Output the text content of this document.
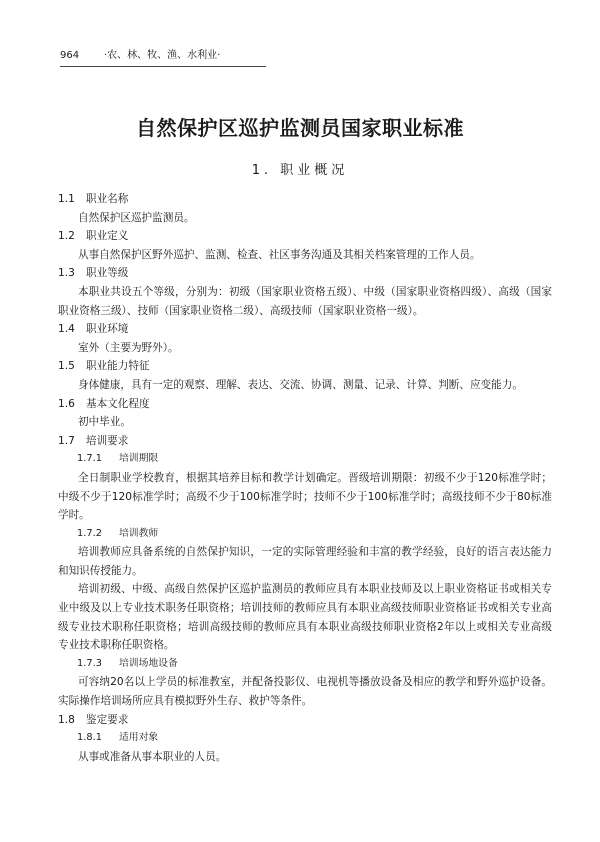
964 ·农、林、牧、渔、水利业·
自然保护区巡护监测员国家职业标准
1. 职业概况
1.1 职业名称
自然保护区巡护监测员。
1.2 职业定义
从事自然保护区野外巡护、监测、检查、社区事务沟通及其相关档案管理的工作人员。
1.3 职业等级
本职业共设五个等级，分别为：初级（国家职业资格五级）、中级（国家职业资格四级）、高级（国家职业资格三级）、技师（国家职业资格二级）、高级技师（国家职业资格一级）。
1.4 职业环境
室外（主要为野外）。
1.5 职业能力特征
身体健康，具有一定的观察、理解、表达、交流、协调、测量、记录、计算、判断、应变能力。
1.6 基本文化程度
初中毕业。
1.7 培训要求
1.7.1 培训期限
全日制职业学校教育，根据其培养目标和教学计划确定。晋级培训期限：初级不少于120标准学时；中级不少于120标准学时；高级不少于100标准学时；技师不少于100标准学时；高级技师不少于80标准学时。
1.7.2 培训教师
培训教师应具备系统的自然保护知识，一定的实际管理经验和丰富的教学经验，良好的语言表达能力和知识传授能力。
培训初级、中级、高级自然保护区巡护监测员的教师应具有本职业技师及以上职业资格证书或相关专业中级及以上专业技术职务任职资格；培训技师的教师应具有本职业高级技师职业资格证书或相关专业高级专业技术职称任职资格；培训高级技师的教师应具有本职业高级技师职业资格2年以上或相关专业高级专业技术职称任职资格。
1.7.3 培训场地设备
可容纳20名以上学员的标准教室，并配备投影仪、电视机等播放设备及相应的教学和野外巡护设备。实际操作培训场所应具有模拟野外生存、救护等条件。
1.8 鉴定要求
1.8.1 适用对象
从事或准备从事本职业的人员。
